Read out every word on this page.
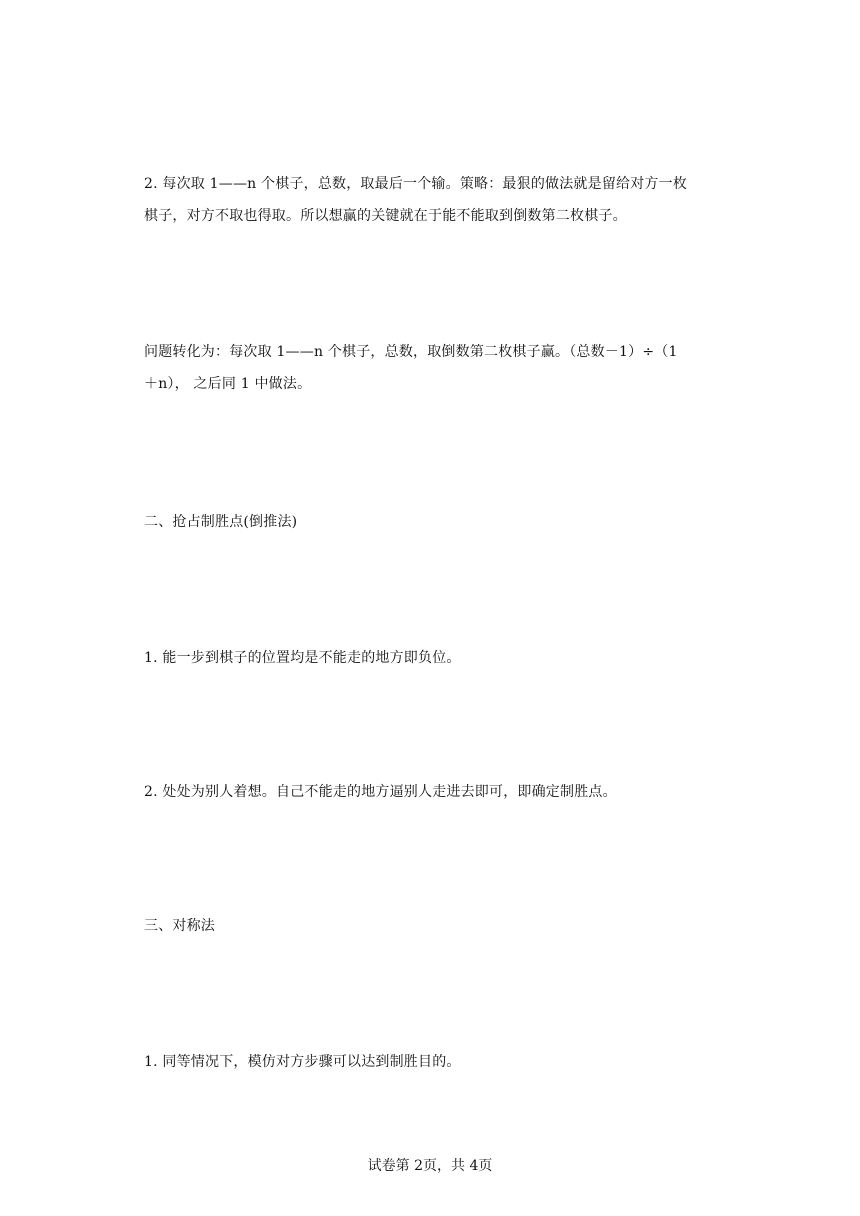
2. 每次取 1——n 个棋子，总数，取最后一个输。策略：最狠的做法就是留给对方一枚
棋子，对方不取也得取。所以想赢的关键就在于能不能取到倒数第二枚棋子。

问题转化为：每次取 1——n 个棋子，总数，取倒数第二枚棋子赢。（总数－1）÷（1
＋n）， 之后同 1 中做法。

二、抢占制胜点(倒推法)

1. 能一步到棋子的位置均是不能走的地方即负位。

2. 处处为别人着想。自己不能走的地方逼别人走进去即可，即确定制胜点。

三、对称法

1. 同等情况下，模仿对方步骤可以达到制胜目的。

试卷第 2页，共 4页
